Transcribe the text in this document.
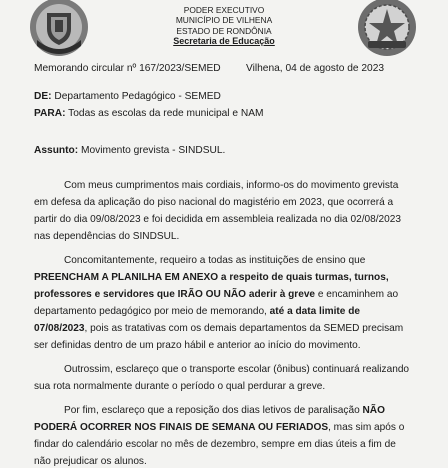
PODER EXECUTIVO
MUNICÍPIO DE VILHENA
ESTADO DE RONDÔNIA
Secretaria de Educação
Memorando circular nº 167/2023/SEMED Vilhena, 04 de agosto de 2023
DE: Departamento Pedagógico - SEMED
PARA: Todas as escolas da rede municipal e NAM
Assunto: Movimento grevista - SINDSUL.
Com meus cumprimentos mais cordiais, informo-os do movimento grevista
em defesa da aplicação do piso nacional do magistério em 2023, que ocorrerá a
partir do dia 09/08/2023 e foi decidida em assembleia realizada no dia 02/08/2023
nas dependências do SINDSUL.
Concomitantemente, requeiro a todas as instituições de ensino que
PREENCHAM A PLANILHA EM ANEXO a respeito de quais turmas, turnos,
professores e servidores que IRÃO OU NÃO aderir à greve e encaminhem ao
departamento pedagógico por meio de memorando, até a data limite de
07/08/2023, pois as tratativas com os demais departamentos da SEMED precisam
ser definidas dentro de um prazo hábil e anterior ao início do movimento.
Outrossim, esclareço que o transporte escolar (ônibus) continuará realizando
sua rota normalmente durante o período o qual perdurar a greve.
Por fim, esclareço que a reposição dos dias letivos de paralisação NÃO
PODERÁ OCORRER NOS FINAIS DE SEMANA OU FERIADOS, mas sim após o
findar do calendário escolar no mês de dezembro, sempre em dias úteis a fim de
não prejudicar os alunos.
